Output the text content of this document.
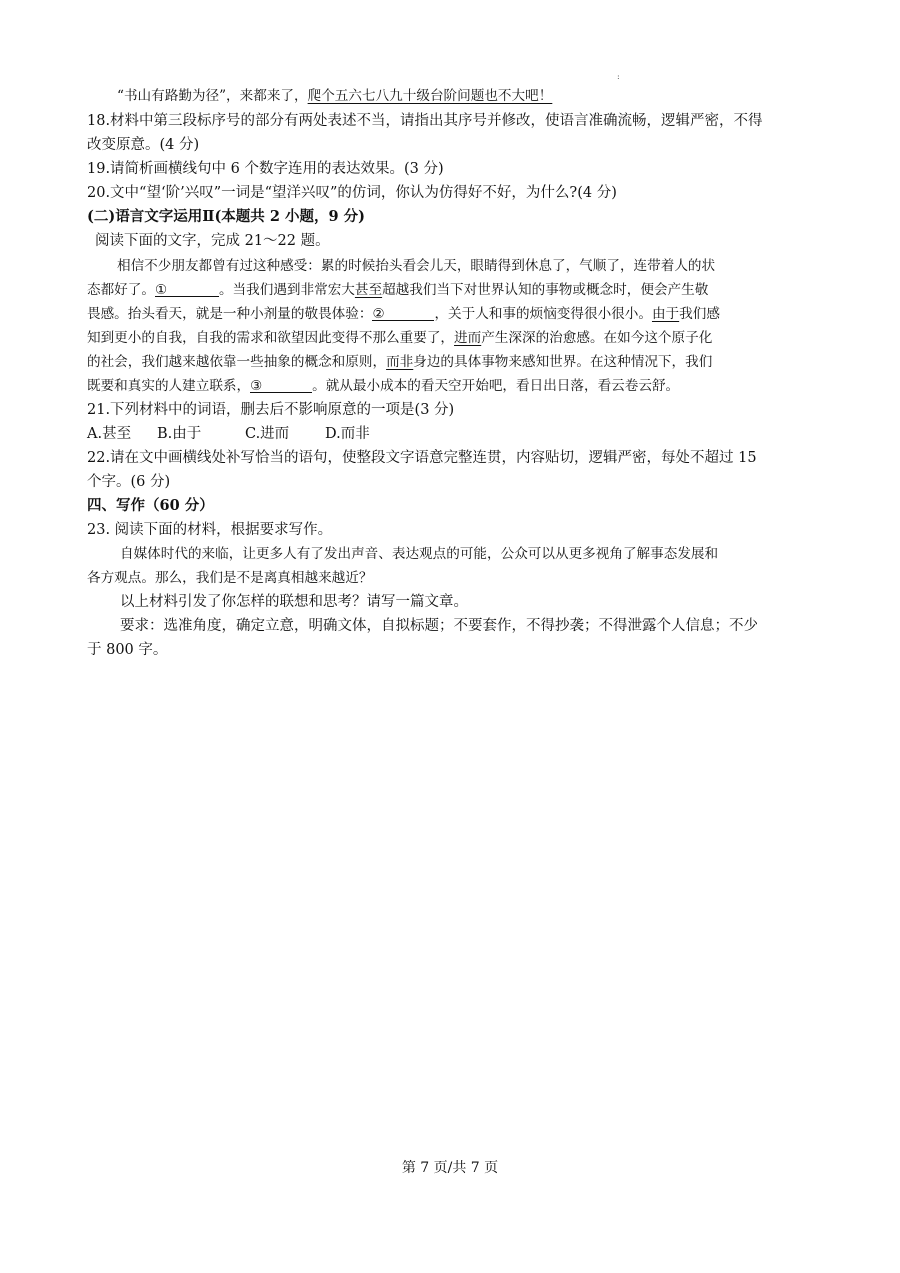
:
“书山有路勤为径”，来都来了，爬个五六七八九十级台阶问题也不大吧！
18.材料中第三段标序号的部分有两处表述不当，请指出其序号并修改，使语言准确流畅，逻辑严密，不得
改变原意。(4 分)
19.请简析画横线句中 6 个数字连用的表达效果。(3 分)
20.文中“望‘阶’兴叹”一词是“望洋兴叹”的仿词，你认为仿得好不好，为什么?(4 分)
(二)语言文字运用Ⅱ(本题共 2 小题，9 分)
阅读下面的文字，完成 21～22 题。
相信不少朋友都曾有过这种感受：累的时候抬头看会儿天，眼睛得到休息了，气顺了，连带着人的状
态都好了。①	。当我们遇到非常宏大甚至超越我们当下对世界认知的事物或概念时，便会产生敬
畏感。抬头看天，就是一种小剂量的敬畏体验：②	，关于人和事的烦恼变得很小很小。由于我们感
知到更小的自我，自我的需求和欲望因此变得不那么重要了，进而产生深深的治愈感。在如今这个原子化
的社会，我们越来越依靠一些抽象的概念和原则，而非身边的具体事物来感知世界。在这种情况下，我们
既要和真实的人建立联系，③	。就从最小成本的看天空开始吧，看日出日落，看云卷云舒。
21.下列材料中的词语，删去后不影响原意的一项是(3 分)
A.甚至 B.由于	C.进而 D.而非
22.请在文中画横线处补写恰当的语句，使整段文字语意完整连贯，内容贴切，逻辑严密，每处不超过 15
个字。(6 分)
四、写作（60 分）
23. 阅读下面的材料，根据要求写作。
自媒体时代的来临，让更多人有了发出声音、表达观点的可能，公众可以从更多视角了解事态发展和
各方观点。那么，我们是不是离真相越来越近？
以上材料引发了你怎样的联想和思考？请写一篇文章。
要求：选准角度，确定立意，明确文体，自拟标题；不要套作，不得抄袭；不得泄露个人信息；不少
于 800 字。
第 7 页/共 7 页
